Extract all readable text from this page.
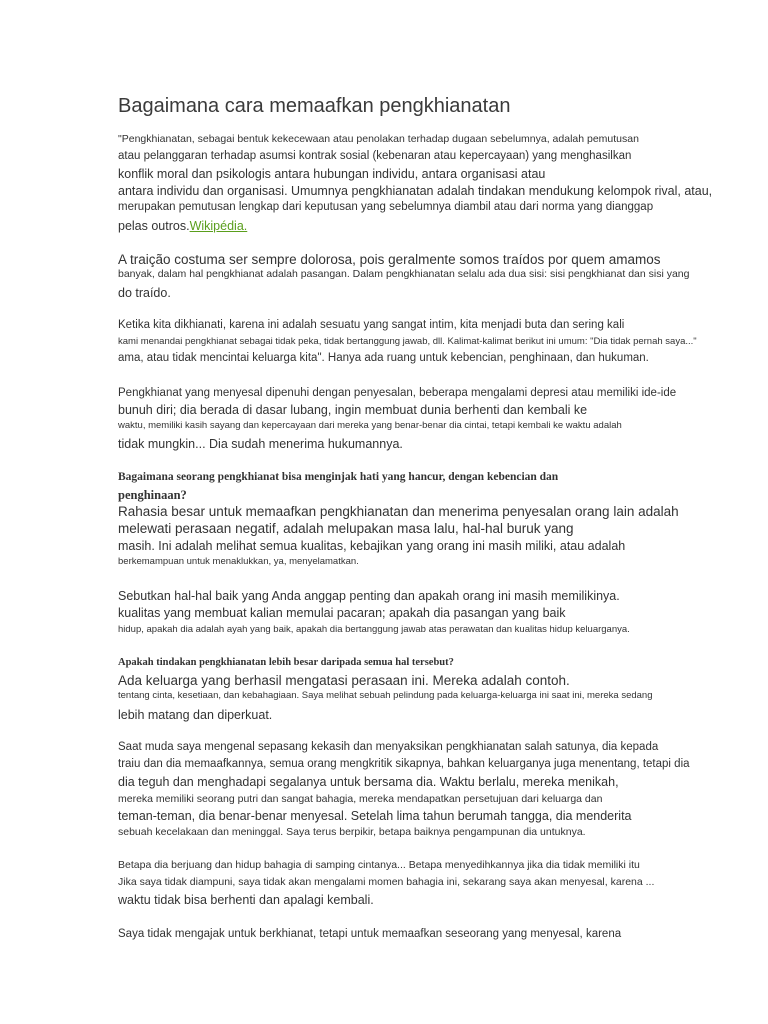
Bagaimana cara memaafkan pengkhianatan
"Pengkhianatan, sebagai bentuk kekecewaan atau penolakan terhadap dugaan sebelumnya, adalah pemutusan
atau pelanggaran terhadap asumsi kontrak sosial (kebenaran atau kepercayaan) yang menghasilkan
konflik moral dan psikologis antara hubungan individu, antara organisasi atau
antara individu dan organisasi. Umumnya pengkhianatan adalah tindakan mendukung kelompok rival, atau,
merupakan pemutusan lengkap dari keputusan yang sebelumnya diambil atau dari norma yang dianggap
pelas outros.Wikipédia.
A traição costuma ser sempre dolorosa, pois geralmente somos traídos por quem amamos
banyak, dalam hal pengkhianat adalah pasangan. Dalam pengkhianatan selalu ada dua sisi: sisi pengkhianat dan sisi yang
do traído.
Ketika kita dikhianati, karena ini adalah sesuatu yang sangat intim, kita menjadi buta dan sering kali
kami menandai pengkhianat sebagai tidak peka, tidak bertanggung jawab, dll. Kalimat-kalimat berikut ini umum: "Dia tidak pernah saya..."
ama, atau tidak mencintai keluarga kita". Hanya ada ruang untuk kebencian, penghinaan, dan hukuman.
Pengkhianat yang menyesal dipenuhi dengan penyesalan, beberapa mengalami depresi atau memiliki ide-ide
bunuh diri; dia berada di dasar lubang, ingin membuat dunia berhenti dan kembali ke
waktu, memiliki kasih sayang dan kepercayaan dari mereka yang benar-benar dia cintai, tetapi kembali ke waktu adalah
tidak mungkin... Dia sudah menerima hukumannya.
Bagaimana seorang pengkhianat bisa menginjak hati yang hancur, dengan kebencian dan
penghinaan?
Rahasia besar untuk memaafkan pengkhianatan dan menerima penyesalan orang lain adalah
melewati perasaan negatif, adalah melupakan masa lalu, hal-hal buruk yang
masih. Ini adalah melihat semua kualitas, kebajikan yang orang ini masih miliki, atau adalah
berkemampuan untuk menaklukkan, ya, menyelamatkan.
Sebutkan hal-hal baik yang Anda anggap penting dan apakah orang ini masih memilikinya.
kualitas yang membuat kalian memulai pacaran; apakah dia pasangan yang baik
hidup, apakah dia adalah ayah yang baik, apakah dia bertanggung jawab atas perawatan dan kualitas hidup keluarganya.
Apakah tindakan pengkhianatan lebih besar daripada semua hal tersebut?
Ada keluarga yang berhasil mengatasi perasaan ini. Mereka adalah contoh.
tentang cinta, kesetiaan, dan kebahagiaan. Saya melihat sebuah pelindung pada keluarga-keluarga ini saat ini, mereka sedang
lebih matang dan diperkuat.
Saat muda saya mengenal sepasang kekasih dan menyaksikan pengkhianatan salah satunya, dia kepada
traiu dan dia memaafkannya, semua orang mengkritik sikapnya, bahkan keluarganya juga menentang, tetapi dia
dia teguh dan menghadapi segalanya untuk bersama dia. Waktu berlalu, mereka menikah,
mereka memiliki seorang putri dan sangat bahagia, mereka mendapatkan persetujuan dari keluarga dan
teman-teman, dia benar-benar menyesal. Setelah lima tahun berumah tangga, dia menderita
sebuah kecelakaan dan meninggal. Saya terus berpikir, betapa baiknya pengampunan dia untuknya.
Betapa dia berjuang dan hidup bahagia di samping cintanya... Betapa menyedihkannya jika dia tidak memiliki itu
Jika saya tidak diampuni, saya tidak akan mengalami momen bahagia ini, sekarang saya akan menyesal, karena ...
waktu tidak bisa berhenti dan apalagi kembali.
Saya tidak mengajak untuk berkhianat, tetapi untuk memaafkan seseorang yang menyesal, karena
